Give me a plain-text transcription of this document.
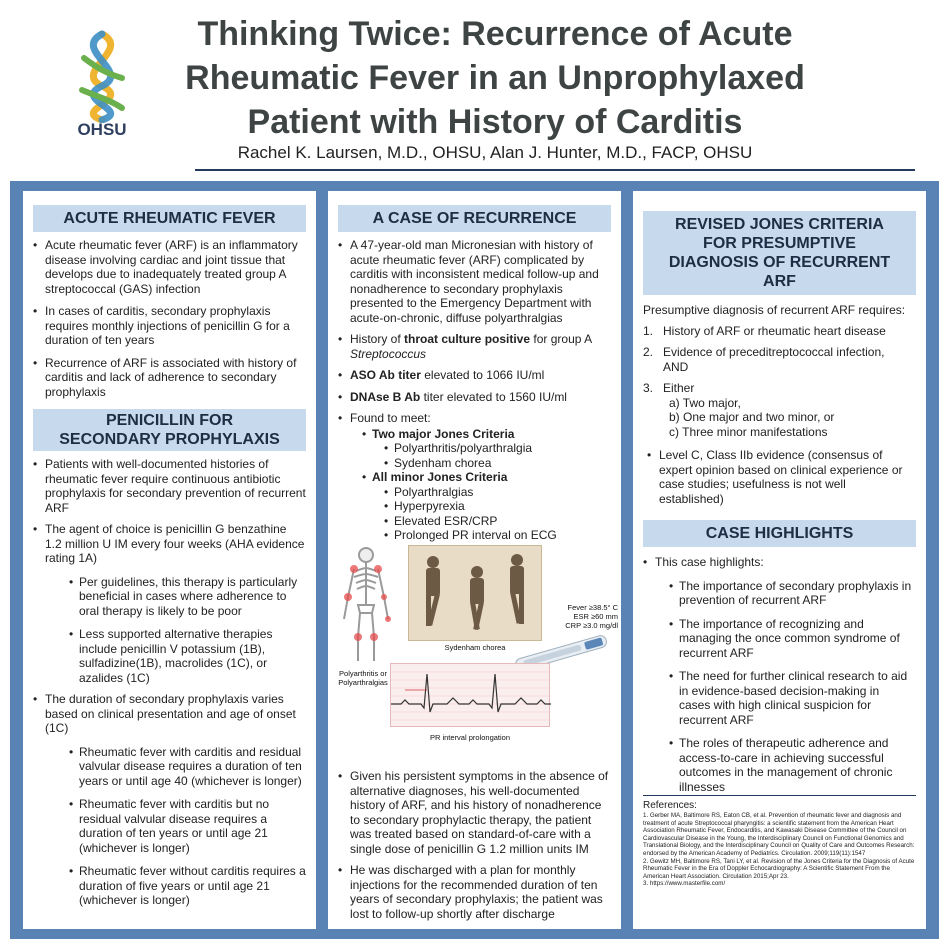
OHSU
Thinking Twice: Recurrence of Acute
Rheumatic Fever in an Unprophylaxed
Patient with History of Carditis
Rachel K. Laursen, M.D., OHSU, Alan J. Hunter, M.D., FACP, OHSU
ACUTE RHEUMATIC FEVER
• Acute rheumatic fever (ARF) is an inflammatory disease involving cardiac and joint tissue that develops due to inadequately treated group A streptococcal (GAS) infection
• In cases of carditis, secondary prophylaxis requires monthly injections of penicillin G for a duration of ten years
• Recurrence of ARF is associated with history of carditis and lack of adherence to secondary prophylaxis
PENICILLIN FOR SECONDARY PROPHYLAXIS
• Patients with well-documented histories of rheumatic fever require continuous antibiotic prophylaxis for secondary prevention of recurrent ARF
• The agent of choice is penicillin G benzathine 1.2 million U IM every four weeks (AHA evidence rating 1A)
• Per guidelines, this therapy is particularly beneficial in cases where adherence to oral therapy is likely to be poor
• Less supported alternative therapies include penicillin V potassium (1B), sulfadizine(1B), macrolides (1C), or azalides (1C)
• The duration of secondary prophylaxis varies based on clinical presentation and age of onset (1C)
• Rheumatic fever with carditis and residual valvular disease requires a duration of ten years or until age 40 (whichever is longer)
• Rheumatic fever with carditis but no residual valvular disease requires a duration of ten years or until age 21 (whichever is longer)
• Rheumatic fever without carditis requires a duration of five years or until age 21 (whichever is longer)
A CASE OF RECURRENCE
• A 47-year-old man Micronesian with history of acute rheumatic fever (ARF) complicated by carditis with inconsistent medical follow-up and nonadherence to secondary prophylaxis presented to the Emergency Department with acute-on-chronic, diffuse polyarthralgias
• History of throat culture positive for group A
Streptococcus
• ASO Ab titer elevated to 1066 IU/ml
• DNAse B Ab titer elevated to 1560 IU/ml
• Found to meet:
• Two major Jones Criteria
• Polyarthritis/polyarthralgia
• Sydenham chorea
• All minor Jones Criteria
• Polyarthralgias
• Hyperpyrexia
• Elevated ESR/CRP
• Prolonged PR interval on ECG
Polyarthritis or Polyarthralgias
Sydenham chorea
Fever ≥38.5° C
ESR ≥60 mm
CRP ≥3.0 mg/dl
PR interval prolongation
• Given his persistent symptoms in the absence of alternative diagnoses, his well-documented history of ARF, and his history of nonadherence to secondary prophylactic therapy, the patient was treated based on standard-of-care with a single dose of penicillin G 1.2 million units IM
• He was discharged with a plan for monthly injections for the recommended duration of ten years of secondary prophylaxis; the patient was lost to follow-up shortly after discharge
REVISED JONES CRITERIA FOR PRESUMPTIVE DIAGNOSIS OF RECURRENT ARF
Presumptive diagnosis of recurrent ARF requires:
1. History of ARF or rheumatic heart disease
2. Evidence of preceditreptococcal infection, AND
3. Either
a) Two major,
b) One major and two minor, or
c) Three minor manifestations
• Level C, Class IIb evidence (consensus of expert opinion based on clinical experience or case studies; usefulness is not well established)
CASE HIGHLIGHTS
• This case highlights:
• The importance of secondary prophylaxis in prevention of recurrent ARF
• The importance of recognizing and managing the once common syndrome of recurrent ARF
• The need for further clinical research to aid in evidence-based decision-making in cases with high clinical suspicion for recurrent ARF
• The roles of therapeutic adherence and access-to-care in achieving successful outcomes in the management of chronic illnesses
References:
1. Gerber MA, Baltimore RS, Eaton CB, et al. Prevention of rheumatic fever and diagnosis and treatment of acute Streptococcal pharyngitis: a scientific statement from the American Heart Association Rheumatic Fever, Endocarditis, and Kawasaki Disease Committee of the Council on Cardiovascular Disease in the Young, the Interdisciplinary Council on Functional Genomics and Translational Biology, and the Interdisciplinary Council on Quality of Care and Outcomes Research: endorsed by the American Academy of Pediatrics. Circulation. 2009;119(11):1547
2. Gewitz MH, Baltimore RS, Tani LY, et al. Revision of the Jones Criteria for the Diagnosis of Acute Rheumatic Fever in the Era of Doppler Echocardiography: A Scientific Statement From the American Heart Association. Circulation 2015;Apr 23.
3. https://www.masterfile.com/
